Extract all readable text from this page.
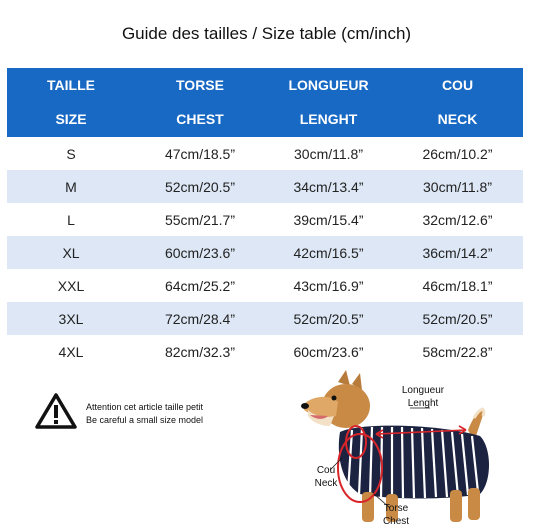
Guide des tailles / Size table (cm/inch)
TAILLE	TORSE	LONGUEUR	COU
SIZE	CHEST	LENGHT	NECK
S	47cm/18.5”	30cm/11.8”	26cm/10.2”
M	52cm/20.5”	34cm/13.4”	30cm/11.8”
L	55cm/21.7”	39cm/15.4”	32cm/12.6”
XL	60cm/23.6”	42cm/16.5”	36cm/14.2”
XXL	64cm/25.2”	43cm/16.9”	46cm/18.1”
3XL	72cm/28.4”	52cm/20.5”	52cm/20.5”
4XL	82cm/32.3”	60cm/23.6”	58cm/22.8”
Attention cet article taille petit
Be careful a small size model
Longueur
Lenght
Cou
Neck
Torse
Chest
